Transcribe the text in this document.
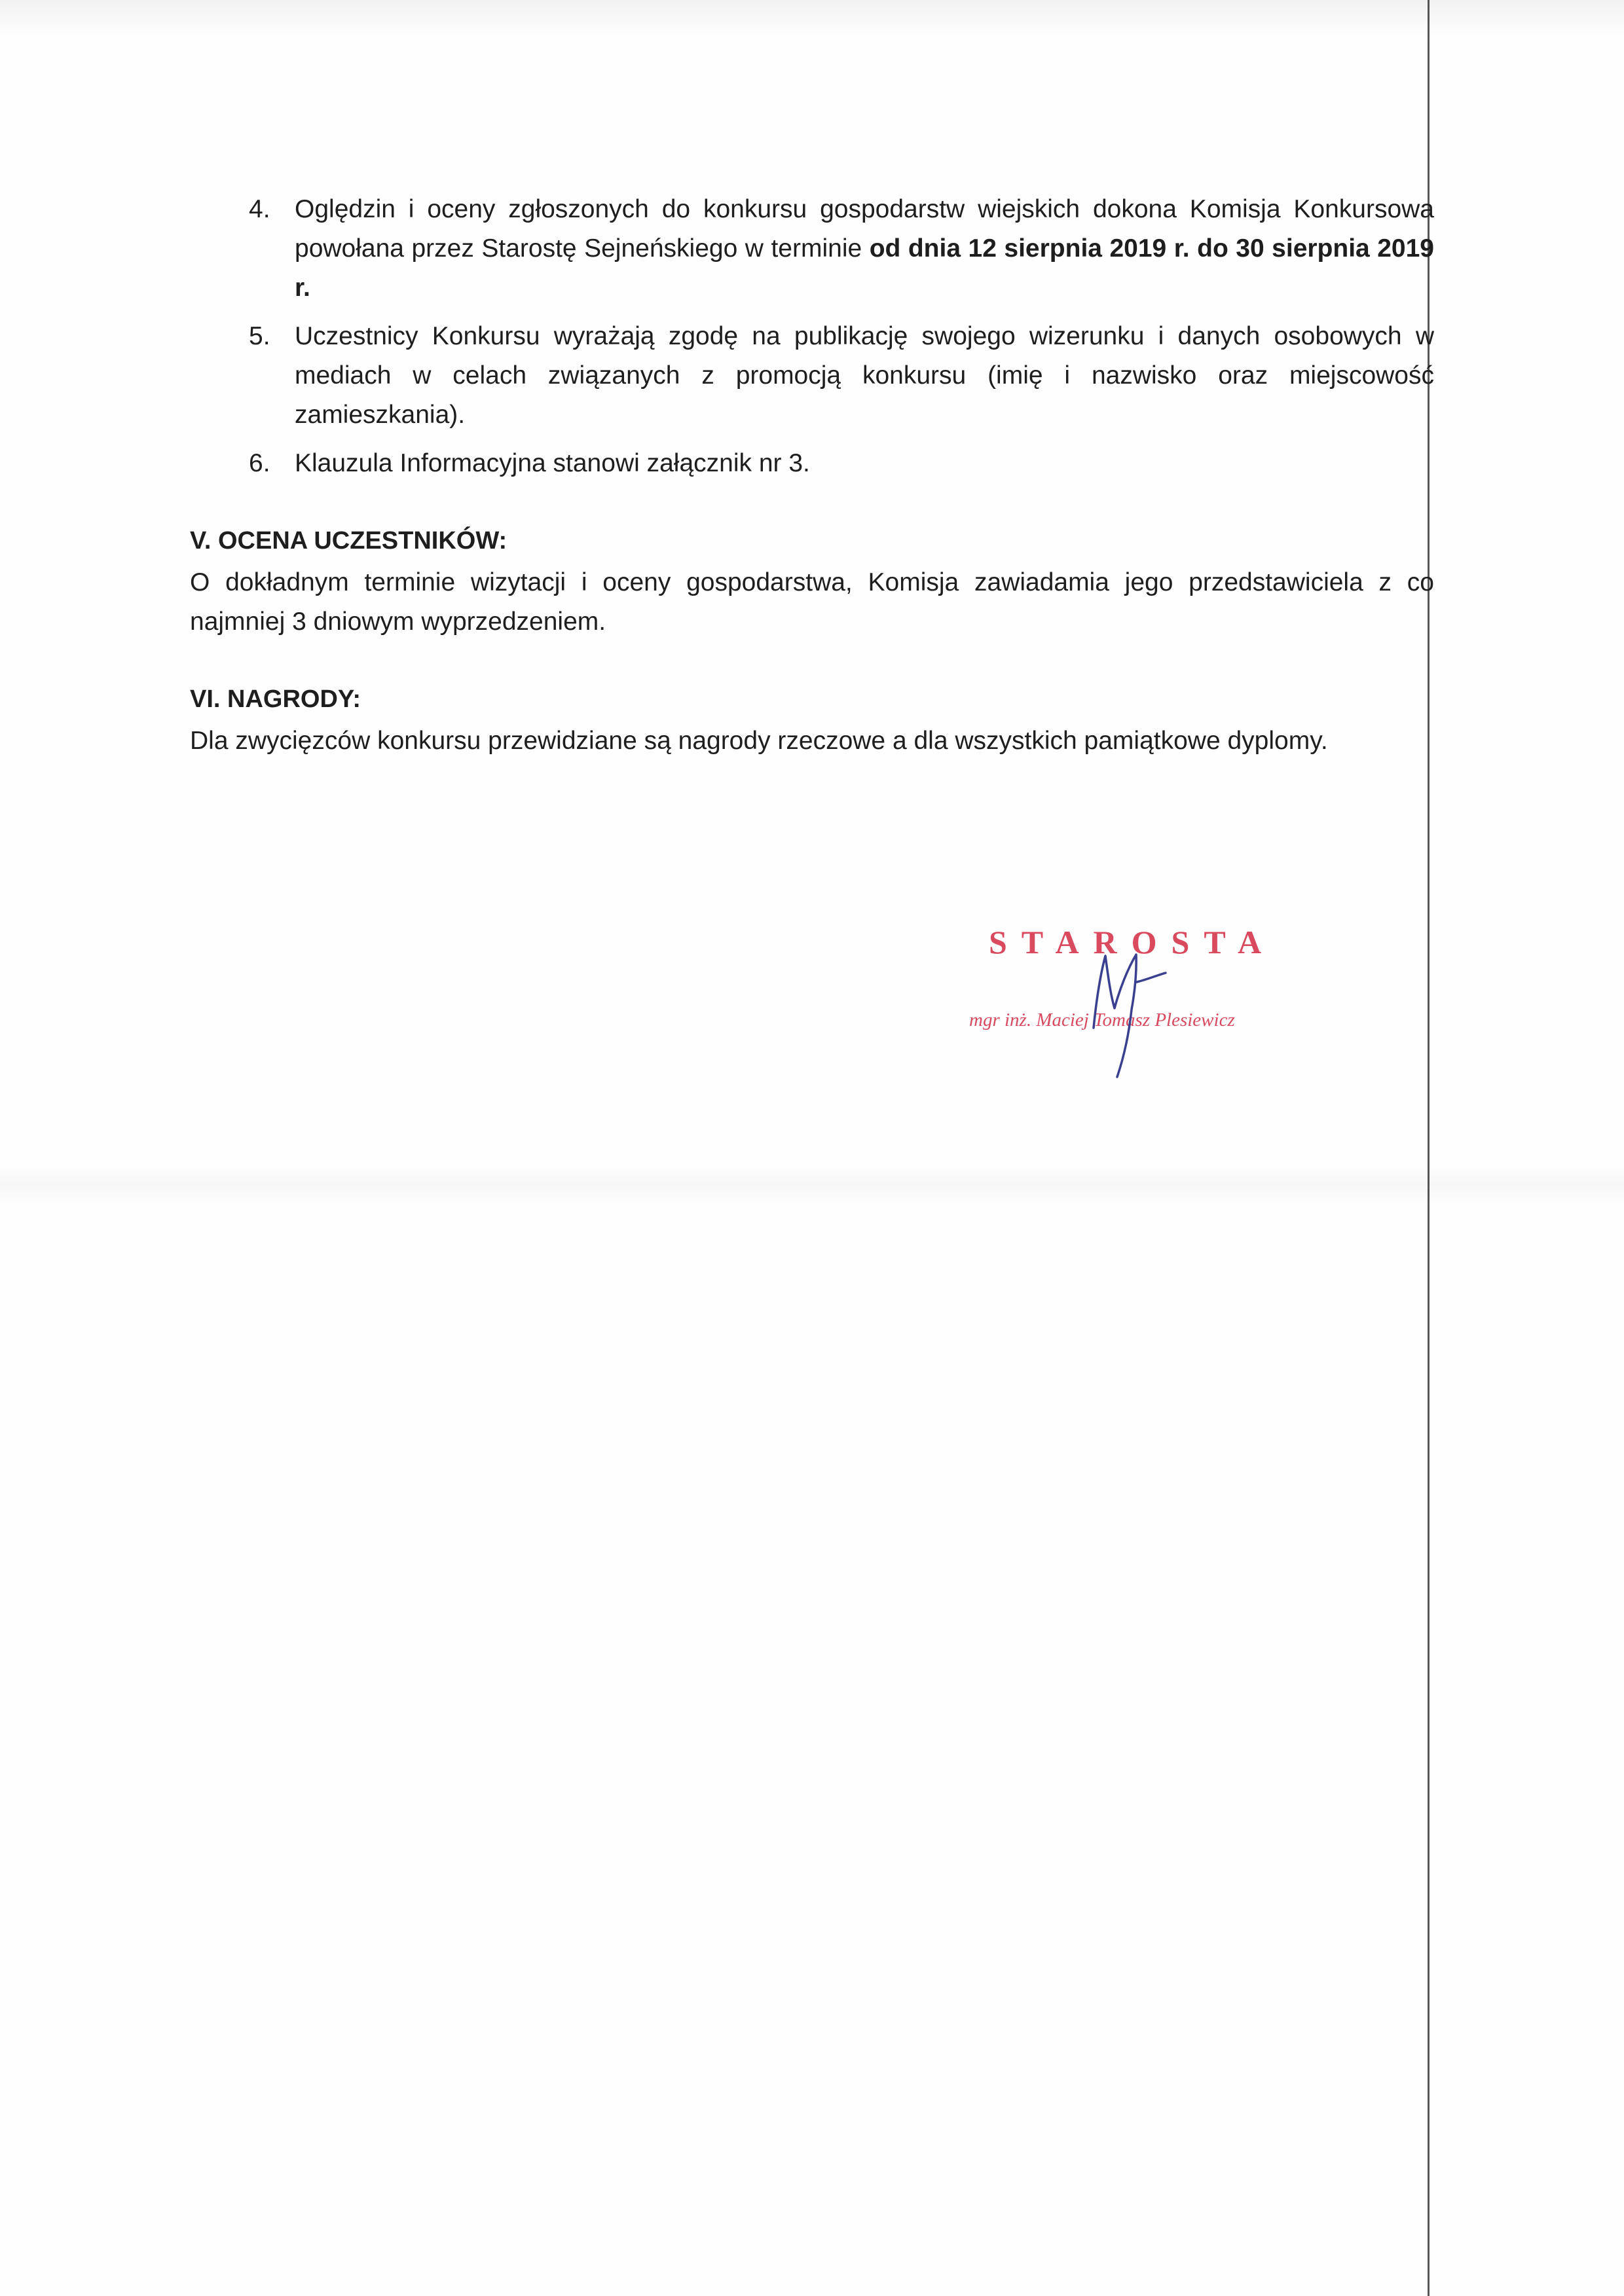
4. Oględzin i oceny zgłoszonych do konkursu gospodarstw wiejskich dokona Komisja Konkursowa powołana przez Starostę Sejneńskiego w terminie od dnia 12 sierpnia 2019 r. do 30 sierpnia 2019 r.
5. Uczestnicy Konkursu wyrażają zgodę na publikację swojego wizerunku i danych osobowych w mediach w celach związanych z promocją konkursu (imię i nazwisko oraz miejscowość zamieszkania).
6. Klauzula Informacyjna stanowi załącznik nr 3.
V. OCENA UCZESTNIKÓW:
O dokładnym terminie wizytacji i oceny gospodarstwa, Komisja zawiadamia jego przedstawiciela z co najmniej 3 dniowym wyprzedzeniem.
VI. NAGRODY:
Dla zwycięzców konkursu przewidziane są nagrody rzeczowe a dla wszystkich pamiątkowe dyplomy.
STAROSTA
mgr inż. Maciej Tomasz Plesiewicz
